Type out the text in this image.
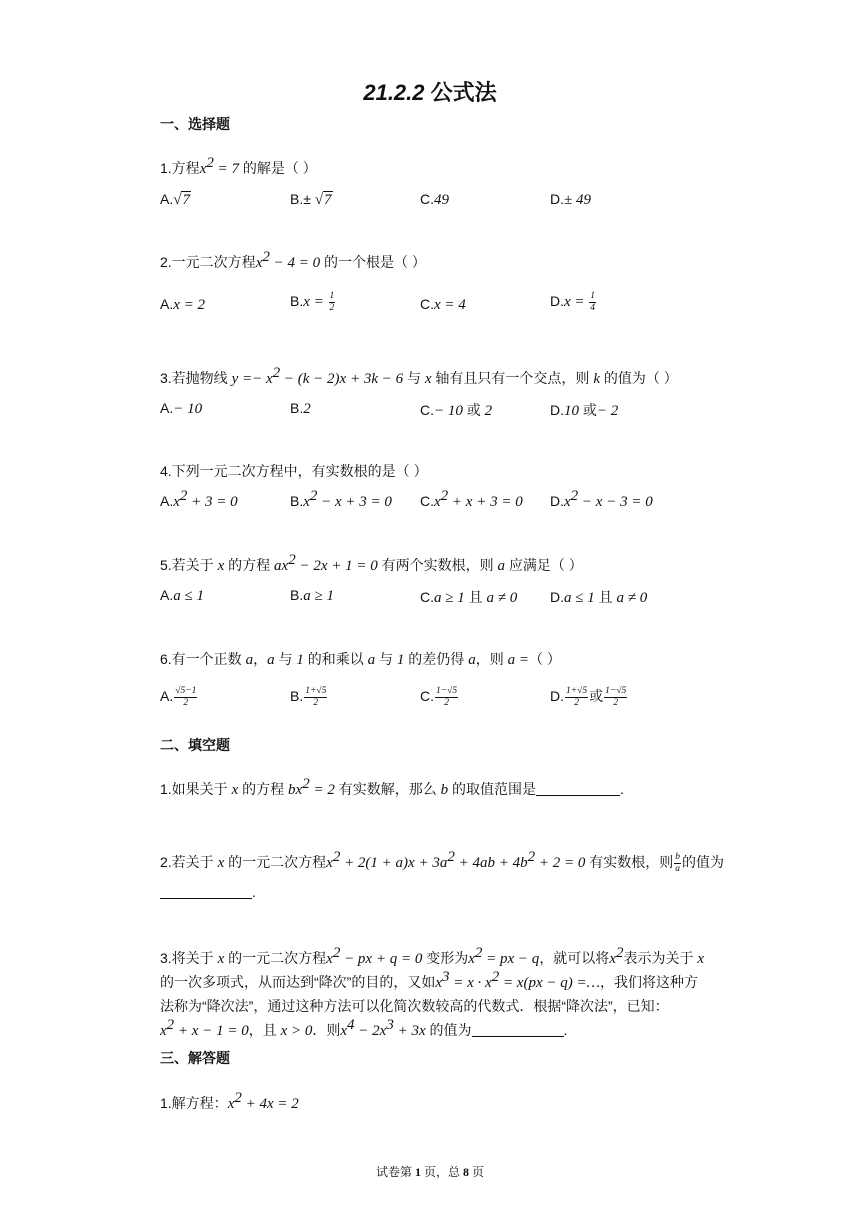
21.2.2 公式法
一、选择题
1.方程$x^2 = 7$ 的解是（ ）
A.√7	B.± √7	C.49	D.± 49
2.一元二次方程$x^2 - 4 = 0$ 的一个根是（ ）
A.x = 2	$B.x = \frac{1}{2}$	C.x = 4	$D.x = \frac{1}{4}$
3.若抛物线 $y =- x^2 - (k - 2)x + 3k - 6$ 与 x 轴有且只有一个交点，则 k 的值为（ ）
A.− 10	B.2	C.− 10 或 2	D.10 或− 2
4.下列一元二次方程中，有实数根的是（ ）
$A.x^2 + 3 = 0$	$B.x^2 - x + 3 = 0$ $C.x^2 + x + 3 = 0$ $D.x^2 - x - 3 = 0$
5.若关于 x 的方程 $ax^2 - 2x + 1 = 0$ 有两个实数根，则 a 应满足（ ）
A.a ≤ 1	B.a ≥ 1	C.a ≥ 1 且 a ≠ 0 D.a ≤ 1 且 a ≠ 0
6.有一个正数 a，a 与 1 的和乘以 a 与 1 的差仍得 a，则 a =（ ）
A. $\frac{√5-1}{2}$	B. $\frac{1+√5}{2}$	C. $\frac{1-√5}{2}$	D. $\frac{1+√5}{2}$ 或 $\frac{1-√5}{2}$
二、填空题
1.如果关于 x 的方程 $bx^2 = 2$ 有实数解，那么 b 的取值范围是	.
2.若关于 x 的一元二次方程$x^2 + 2(1 + a)x + 3a^2 + 4ab + 4b^2 + 2 = 0$ 有实数根，则 $\frac{b}{a}$ 的值为
.
3.将关于 x 的一元二次方程$x^2$ − px + q = 0 变形为$x^2$ = px − q，就可以将$x^2$表示为关于 x
的一次多项式，从而达到“降次”的目的，又如$x^3 = x \cdot x^2 = x(px - q)$ =…，我们将这种方
法称为“降次法”，通过这种方法可以化简次数较高的代数式．根据“降次法”，已知：
$x^2 + x - 1 = 0$，且 x > 0．则$x^4 - 2x^3 + 3x$ 的值为	.
三、解答题
1.解方程：$x^2 + 4x = 2$
试卷第 1 页，总 8 页
